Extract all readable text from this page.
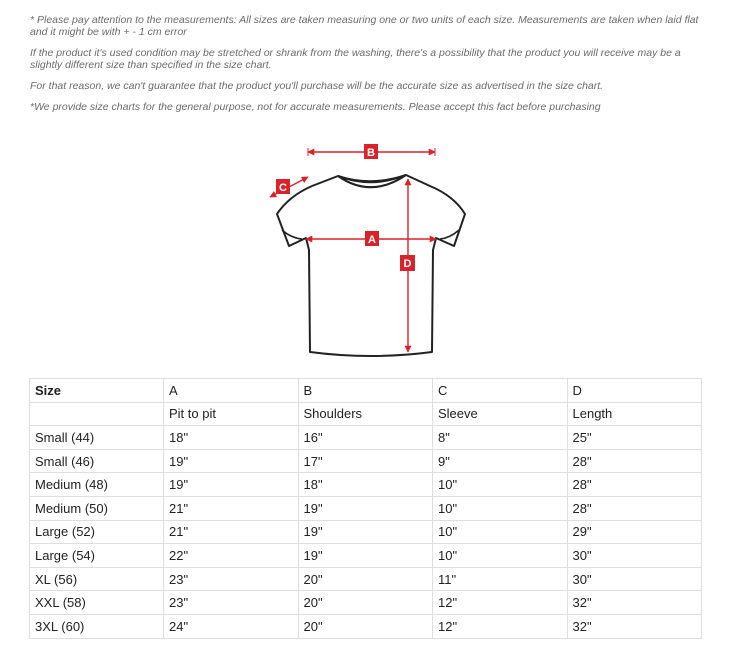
* Please pay attention to the measurements: All sizes are taken measuring one or two units of each size. Measurements are taken when laid flat and it might be with + - 1 cm error

If the product it's used condition may be stretched or shrank from the washing, there's a possibility that the product you will receive may be a slightly different size than specified in the size chart.

For that reason, we can't guarantee that the product you'll purchase will be the accurate size as advertised in the size chart.

*We provide size charts for the general purpose, not for accurate measurements. Please accept this fact before purchasing

B
A
C
D
Size	A	B	C	D
	Pit to pit	Shoulders	Sleeve	Length
Small (44)	18"	16"	8"	25"
Small (46)	19"	17"	9"	28"
Medium (48)	19"	18"	10"	28"
Medium (50)	21"	19"	10"	28"
Large (52)	21"	19"	10"	29"
Large (54)	22"	19"	10"	30"
XL (56)	23"	20"	11"	30"
XXL (58)	23"	20"	12"	32"
3XL (60)	24"	20"	12"	32"
